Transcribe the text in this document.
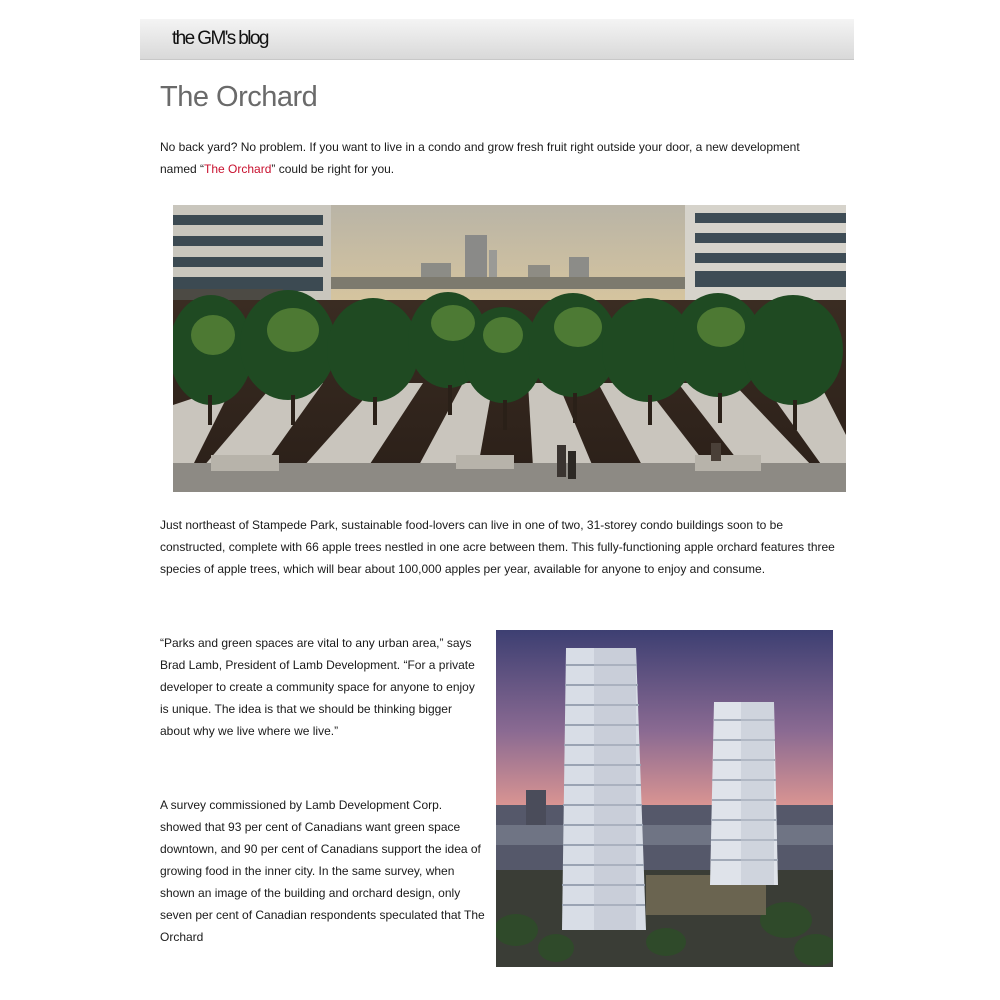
the GM's blog
The Orchard

No back yard? No problem. If you want to live in a condo and grow fresh fruit right outside your door, a new development named “The Orchard” could be right for you.

Just northeast of Stampede Park, sustainable food-lovers can live in one of two, 31-storey condo buildings soon to be constructed, complete with 66 apple trees nestled in one acre between them. This fully-functioning apple orchard features three species of apple trees, which will bear about 100,000 apples per year, available for anyone to enjoy and consume.

“Parks and green spaces are vital to any urban area,” says Brad Lamb, President of Lamb Development. “For a private developer to create a community space for anyone to enjoy is unique. The idea is that we should be thinking bigger about why we live where we live.”

A survey commissioned by Lamb Development Corp. showed that 93 per cent of Canadians want green space downtown, and 90 per cent of Canadians support the idea of growing food in the inner city. In the same survey, when shown an image of the building and orchard design, only seven per cent of Canadian respondents speculated that The Orchard
